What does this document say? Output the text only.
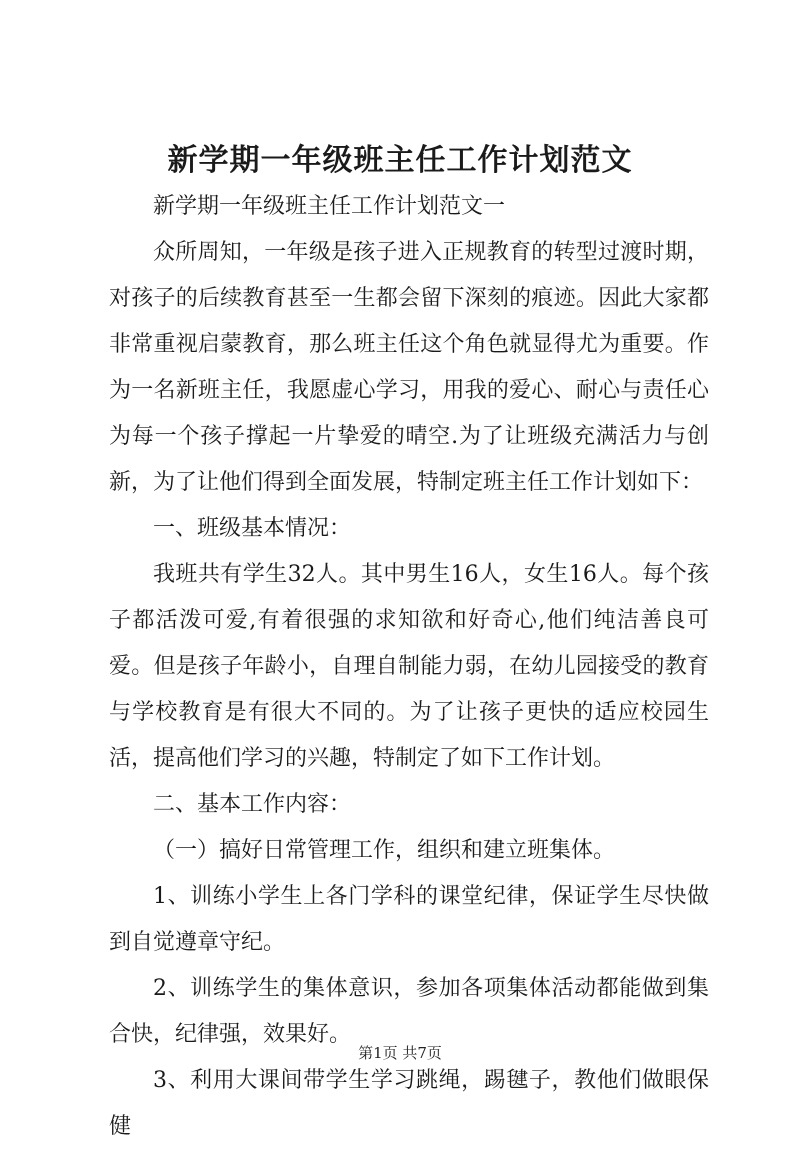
新学期一年级班主任工作计划范文

新学期一年级班主任工作计划范文一

众所周知，一年级是孩子进入正规教育的转型过渡时期，对孩子的后续教育甚至一生都会留下深刻的痕迹。因此大家都非常重视启蒙教育，那么班主任这个角色就显得尤为重要。作为一名新班主任，我愿虚心学习，用我的爱心、耐心与责任心为每一个孩子撑起一片挚爱的晴空.为了让班级充满活力与创新，为了让他们得到全面发展，特制定班主任工作计划如下：

一、班级基本情况：

我班共有学生32人。其中男生16人，女生16人。每个孩子都活泼可爱,有着很强的求知欲和好奇心,他们纯洁善良可爱。但是孩子年龄小，自理自制能力弱，在幼儿园接受的教育与学校教育是有很大不同的。为了让孩子更快的适应校园生活，提高他们学习的兴趣，特制定了如下工作计划。

二、基本工作内容：

（一）搞好日常管理工作，组织和建立班集体。

1、训练小学生上各门学科的课堂纪律，保证学生尽快做到自觉遵章守纪。

2、训练学生的集体意识，参加各项集体活动都能做到集合快，纪律强，效果好。

3、利用大课间带学生学习跳绳，踢毽子，教他们做眼保健

第1页 共7页
